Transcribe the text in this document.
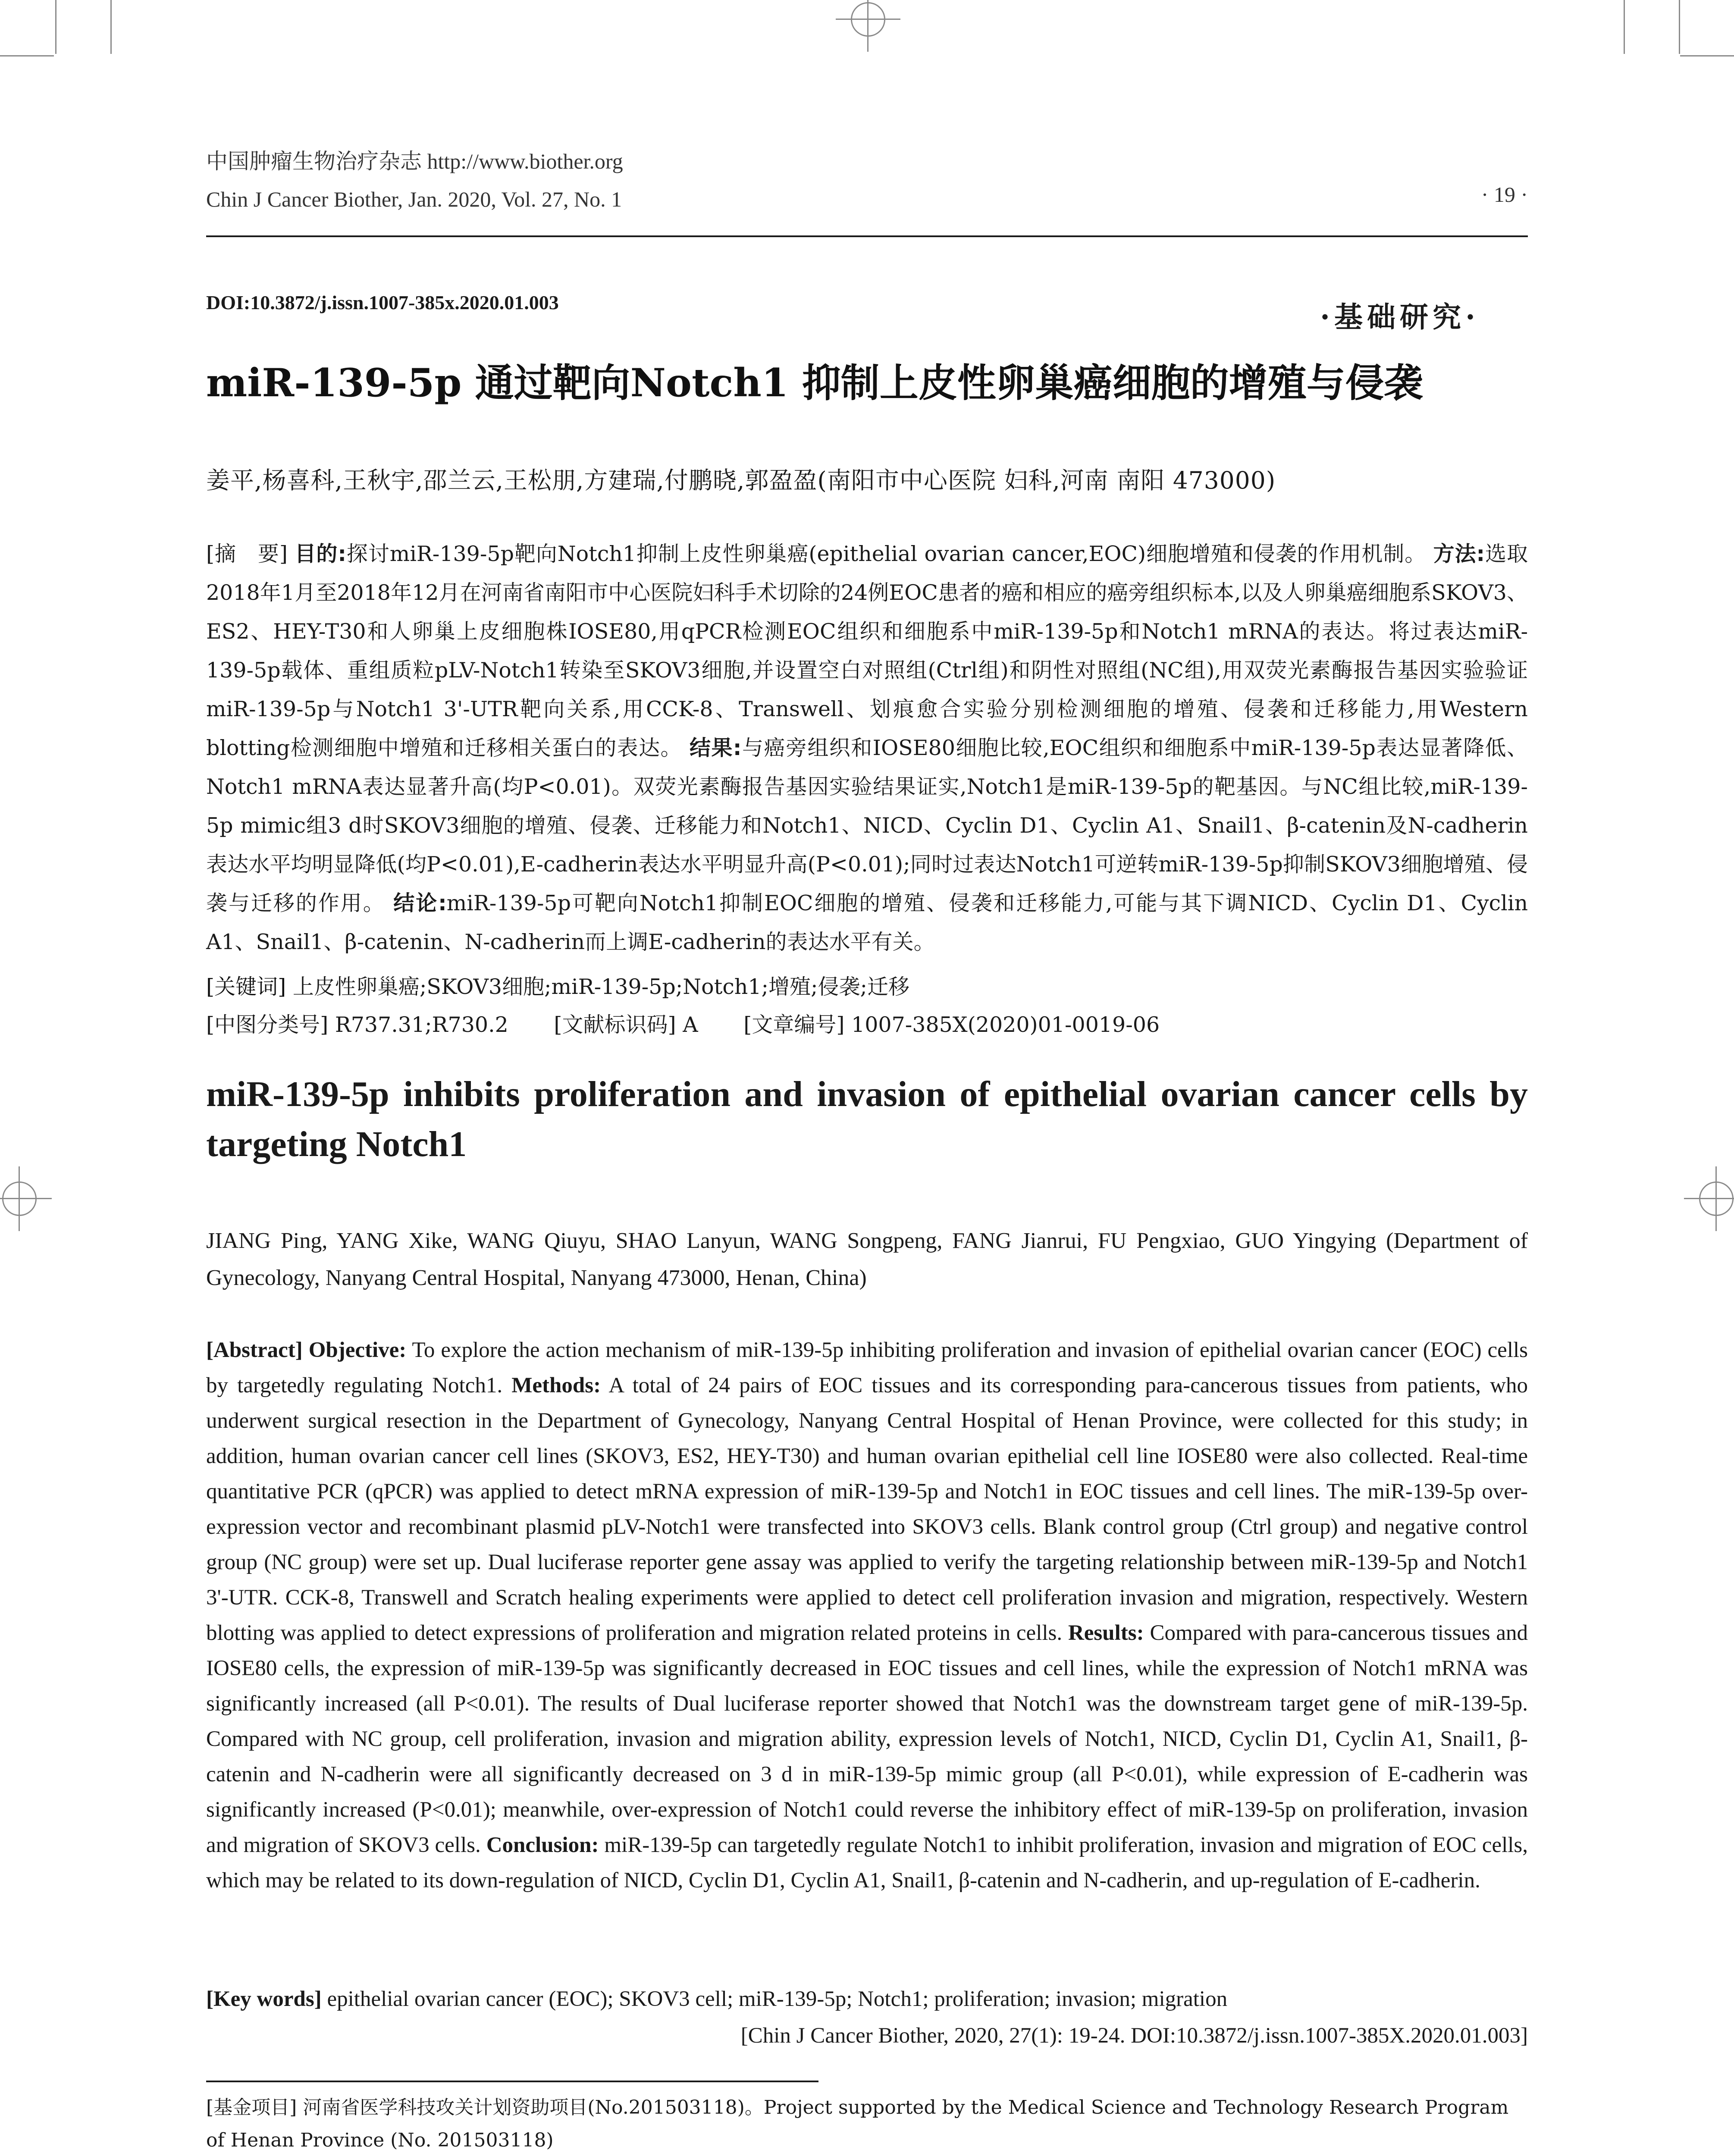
中国肿瘤生物治疗杂志 http://www.biother.org
Chin J Cancer Biother, Jan. 2020, Vol. 27, No. 1	· 19 ·
DOI:10.3872/j.issn.1007-385x.2020.01.003	·基础研究·
miR-139-5p 通过靶向Notch1 抑制上皮性卵巢癌细胞的增殖与侵袭
姜平,杨喜科,王秋宇,邵兰云,王松朋,方建瑞,付鹏晓,郭盈盈(南阳市中心医院 妇科,河南 南阳 473000)
[摘　要] 目的:探讨miR-139-5p靶向Notch1抑制上皮性卵巢癌(epithelial ovarian cancer,EOC)细胞增殖和侵袭的作用机制。 方法:选取2018年1月至2018年12月在河南省南阳市中心医院妇科手术切除的24例EOC患者的癌和相应的癌旁组织标本,以及人卵巢癌细胞系SKOV3、ES2、HEY-T30和人卵巢上皮细胞株IOSE80,用qPCR检测EOC组织和细胞系中miR-139-5p和Notch1 mRNA的表达。将过表达miR-139-5p载体、重组质粒pLV-Notch1转染至SKOV3细胞,并设置空白对照组(Ctrl组)和阴性对照组(NC组),用双荧光素酶报告基因实验验证miR-139-5p与Notch1 3'-UTR靶向关系,用CCK-8、Transwell、划痕愈合实验分别检测细胞的增殖、侵袭和迁移能力,用Western blotting检测细胞中增殖和迁移相关蛋白的表达。 结果:与癌旁组织和IOSE80细胞比较,EOC组织和细胞系中miR-139-5p表达显著降低、Notch1 mRNA表达显著升高(均P<0.01)。双荧光素酶报告基因实验结果证实,Notch1是miR-139-5p的靶基因。与NC组比较,miR-139-5p mimic组3 d时SKOV3细胞的增殖、侵袭、迁移能力和Notch1、NICD、Cyclin D1、Cyclin A1、Snail1、β-catenin及N-cadherin表达水平均明显降低(均P<0.01),E-cadherin表达水平明显升高(P<0.01);同时过表达Notch1可逆转miR-139-5p抑制SKOV3细胞增殖、侵袭与迁移的作用。 结论:miR-139-5p可靶向Notch1抑制EOC细胞的增殖、侵袭和迁移能力,可能与其下调NICD、Cyclin D1、Cyclin A1、Snail1、β-catenin、N-cadherin而上调E-cadherin的表达水平有关。
[关键词] 上皮性卵巢癌;SKOV3细胞;miR-139-5p;Notch1;增殖;侵袭;迁移
[中图分类号] R737.31;R730.2 [文献标识码] A [文章编号] 1007-385X(2020)01-0019-06
miR-139-5p inhibits proliferation and invasion of epithelial ovarian cancer cells by targeting Notch1
JIANG Ping, YANG Xike, WANG Qiuyu, SHAO Lanyun, WANG Songpeng, FANG Jianrui, FU Pengxiao, GUO Yingying (Department of Gynecology, Nanyang Central Hospital, Nanyang 473000, Henan, China)
[Abstract] Objective: To explore the action mechanism of miR-139-5p inhibiting proliferation and invasion of epithelial ovarian cancer (EOC) cells by targetedly regulating Notch1. Methods: A total of 24 pairs of EOC tissues and its corresponding para-cancerous tissues from patients, who underwent surgical resection in the Department of Gynecology, Nanyang Central Hospital of Henan Province, were collected for this study; in addition, human ovarian cancer cell lines (SKOV3, ES2, HEY-T30) and human ovarian epithelial cell line IOSE80 were also collected. Real-time quantitative PCR (qPCR) was applied to detect mRNA expression of miR-139-5p and Notch1 in EOC tissues and cell lines. The miR-139-5p over-expression vector and recombinant plasmid pLV-Notch1 were transfected into SKOV3 cells. Blank control group (Ctrl group) and negative control group (NC group) were set up. Dual luciferase reporter gene assay was applied to verify the targeting relationship between miR-139-5p and Notch1 3'-UTR. CCK-8, Transwell and Scratch healing experiments were applied to detect cell proliferation invasion and migration, respectively. Western blotting was applied to detect expressions of proliferation and migration related proteins in cells. Results: Compared with para-cancerous tissues and IOSE80 cells, the expression of miR-139-5p was significantly decreased in EOC tissues and cell lines, while the expression of Notch1 mRNA was significantly increased (all P<0.01). The results of Dual luciferase reporter showed that Notch1 was the downstream target gene of miR-139-5p. Compared with NC group, cell proliferation, invasion and migration ability, expression levels of Notch1, NICD, Cyclin D1, Cyclin A1, Snail1, β-catenin and N-cadherin were all significantly decreased on 3 d in miR-139-5p mimic group (all P<0.01), while expression of E-cadherin was significantly increased (P<0.01); meanwhile, over-expression of Notch1 could reverse the inhibitory effect of miR-139-5p on proliferation, invasion and migration of SKOV3 cells. Conclusion: miR-139-5p can targetedly regulate Notch1 to inhibit proliferation, invasion and migration of EOC cells, which may be related to its down-regulation of NICD, Cyclin D1, Cyclin A1, Snail1, β-catenin and N-cadherin, and up-regulation of E-cadherin.
[Key words] epithelial ovarian cancer (EOC); SKOV3 cell; miR-139-5p; Notch1; proliferation; invasion; migration
[Chin J Cancer Biother, 2020, 27(1): 19-24. DOI:10.3872/j.issn.1007-385X.2020.01.003]
[基金项目] 河南省医学科技攻关计划资助项目(No.201503118)。Project supported by the Medical Science and Technology Research Program of Henan Province (No. 201503118)
